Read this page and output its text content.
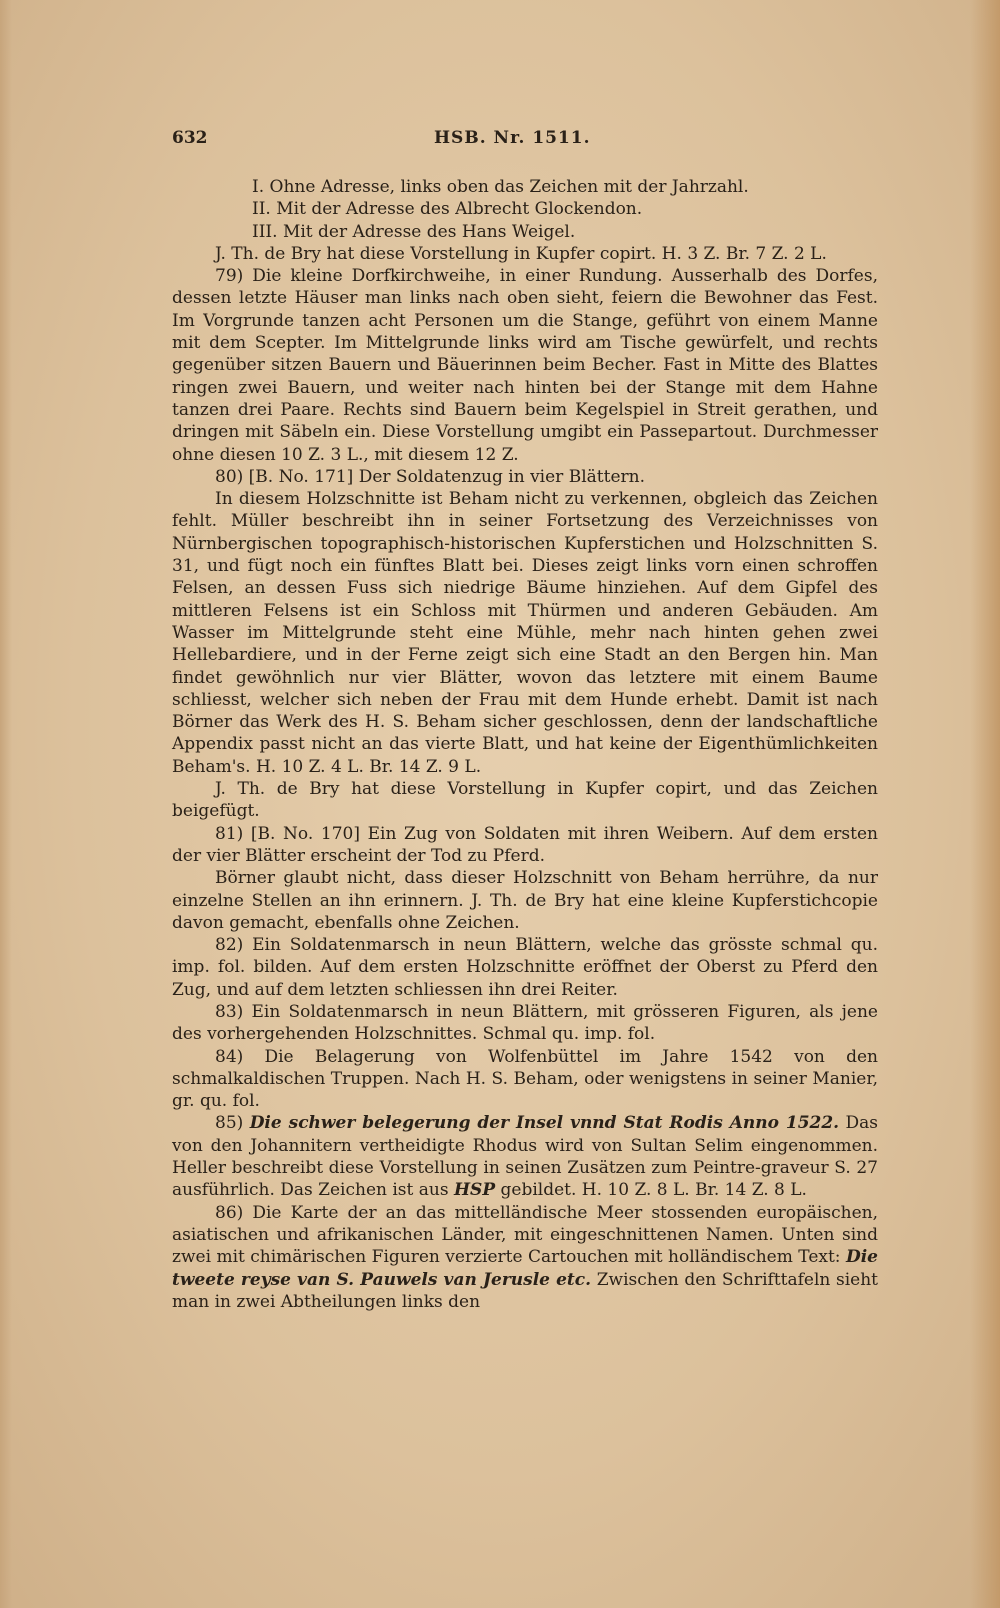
632	HSB. Nr. 1511.

I. Ohne Adresse, links oben das Zeichen mit der Jahrzahl.

II. Mit der Adresse des Albrecht Glockendon.

III. Mit der Adresse des Hans Weigel.

J. Th. de Bry hat diese Vorstellung in Kupfer copirt. H. 3 Z. Br. 7 Z. 2 L.

79) Die kleine Dorfkirchweihe, in einer Rundung. Ausserhalb des Dorfes, dessen letzte Häuser man links nach oben sieht, feiern die Bewohner das Fest. Im Vorgrunde tanzen acht Personen um die Stange, geführt von einem Manne mit dem Scepter. Im Mittelgrunde links wird am Tische gewürfelt, und rechts gegenüber sitzen Bauern und Bäuerinnen beim Becher. Fast in Mitte des Blattes ringen zwei Bauern, und weiter nach hinten bei der Stange mit dem Hahne tanzen drei Paare. Rechts sind Bauern beim Kegelspiel in Streit gerathen, und dringen mit Säbeln ein. Diese Vorstellung umgibt ein Passepartout. Durchmesser ohne diesen 10 Z. 3 L., mit diesem 12 Z.

80) [B. No. 171] Der Soldatenzug in vier Blättern.

In diesem Holzschnitte ist Beham nicht zu verkennen, obgleich das Zeichen fehlt. Müller beschreibt ihn in seiner Fortsetzung des Verzeichnisses von Nürnbergischen topographisch-historischen Kupferstichen und Holzschnitten S. 31, und fügt noch ein fünftes Blatt bei. Dieses zeigt links vorn einen schroffen Felsen, an dessen Fuss sich niedrige Bäume hinziehen. Auf dem Gipfel des mittleren Felsens ist ein Schloss mit Thürmen und anderen Gebäuden. Am Wasser im Mittelgrunde steht eine Mühle, mehr nach hinten gehen zwei Hellebardiere, und in der Ferne zeigt sich eine Stadt an den Bergen hin. Man findet gewöhnlich nur vier Blätter, wovon das letztere mit einem Baume schliesst, welcher sich neben der Frau mit dem Hunde erhebt. Damit ist nach Börner das Werk des H. S. Beham sicher geschlossen, denn der landschaftliche Appendix passt nicht an das vierte Blatt, und hat keine der Eigenthümlichkeiten Beham's. H. 10 Z. 4 L. Br. 14 Z. 9 L.

J. Th. de Bry hat diese Vorstellung in Kupfer copirt, und das Zeichen beigefügt.

81) [B. No. 170] Ein Zug von Soldaten mit ihren Weibern. Auf dem ersten der vier Blätter erscheint der Tod zu Pferd.

Börner glaubt nicht, dass dieser Holzschnitt von Beham herrühre, da nur einzelne Stellen an ihn erinnern. J. Th. de Bry hat eine kleine Kupferstichcopie davon gemacht, ebenfalls ohne Zeichen.

82) Ein Soldatenmarsch in neun Blättern, welche das grösste schmal qu. imp. fol. bilden. Auf dem ersten Holzschnitte eröffnet der Oberst zu Pferd den Zug, und auf dem letzten schliessen ihn drei Reiter.

83) Ein Soldatenmarsch in neun Blättern, mit grösseren Figuren, als jene des vorhergehenden Holzschnittes. Schmal qu. imp. fol.

84) Die Belagerung von Wolfenbüttel im Jahre 1542 von den schmalkaldischen Truppen. Nach H. S. Beham, oder wenigstens in seiner Manier, gr. qu. fol.

85) Die schwer belegerung der Insel vnnd Stat Rodis Anno 1522. Das von den Johannitern vertheidigte Rhodus wird von Sultan Selim eingenommen. Heller beschreibt diese Vorstellung in seinen Zusätzen zum Peintre-graveur S. 27 ausführlich. Das Zeichen ist aus HSP gebildet. H. 10 Z. 8 L. Br. 14 Z. 8 L.

86) Die Karte der an das mittelländische Meer stossenden europäischen, asiatischen und afrikanischen Länder, mit eingeschnittenen Namen. Unten sind zwei mit chimärischen Figuren verzierte Cartouchen mit holländischem Text: Die tweete reyse van S. Pauwels van Jerusle etc. Zwischen den Schrifttafeln sieht man in zwei Abtheilungen links den
